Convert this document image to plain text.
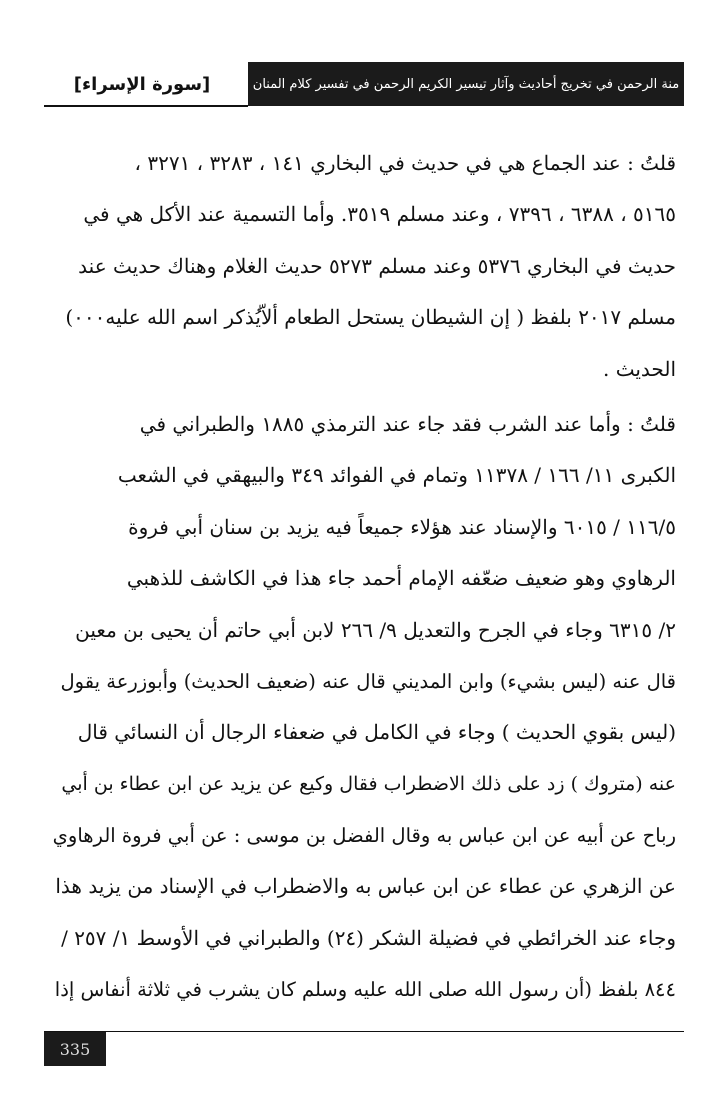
منة الرحمن في تخريج أحاديث وآثار تيسير الكريم الرحمن في تفسير كلام المنان
[سورة الإسراء]
قلتُ : عند الجماع هي في حديث في البخاري ١٤١ ، ٣٢٨٣ ، ٣٢٧١ ،
٥١٦٥ ، ٦٣٨٨ ، ٧٣٩٦ ، وعند مسلم ٣٥١٩. وأما التسمية عند الأكل هي في
حديث في البخاري ٥٣٧٦ وعند مسلم ٥٢٧٣ حديث الغلام وهناك حديث عند
مسلم ٢٠١٧ بلفظ ( إن الشيطان يستحل الطعام ألاّيُذكر اسم الله عليه٠٠٠)
الحديث .
قلتُ : وأما عند الشرب فقد جاء عند الترمذي ١٨٨٥ والطبراني في
الكبرى ١١/ ١٦٦ / ١١٣٧٨ وتمام في الفوائد ٣٤٩ والبيهقي في الشعب
١١٦/٥ / ٦٠١٥ والإسناد عند هؤلاء جميعاً فيه يزيد بن سنان أبي فروة
الرهاوي وهو ضعيف ضعّفه الإمام أحمد جاء هذا في الكاشف للذهبي
٢/ ٦٣١٥ وجاء في الجرح والتعديل ٩/ ٢٦٦ لابن أبي حاتم أن يحيى بن معين
قال عنه (ليس بشيء) وابن المديني قال عنه (ضعيف الحديث) وأبوزرعة يقول
(ليس بقوي الحديث ) وجاء في الكامل في ضعفاء الرجال أن النسائي قال
عنه (متروك ) زد على ذلك الاضطراب فقال وكيع عن يزيد عن ابن عطاء بن أبي
رباح عن أبيه عن ابن عباس به وقال الفضل بن موسى : عن أبي فروة الرهاوي
عن الزهري عن عطاء عن ابن عباس به والاضطراب في الإسناد من يزيد هذا
وجاء عند الخرائطي في فضيلة الشكر (٢٤) والطبراني في الأوسط ١/ ٢٥٧ /
٨٤٤ بلفظ (أن رسول الله صلى الله عليه وسلم كان يشرب في ثلاثة أنفاس إذا
335
